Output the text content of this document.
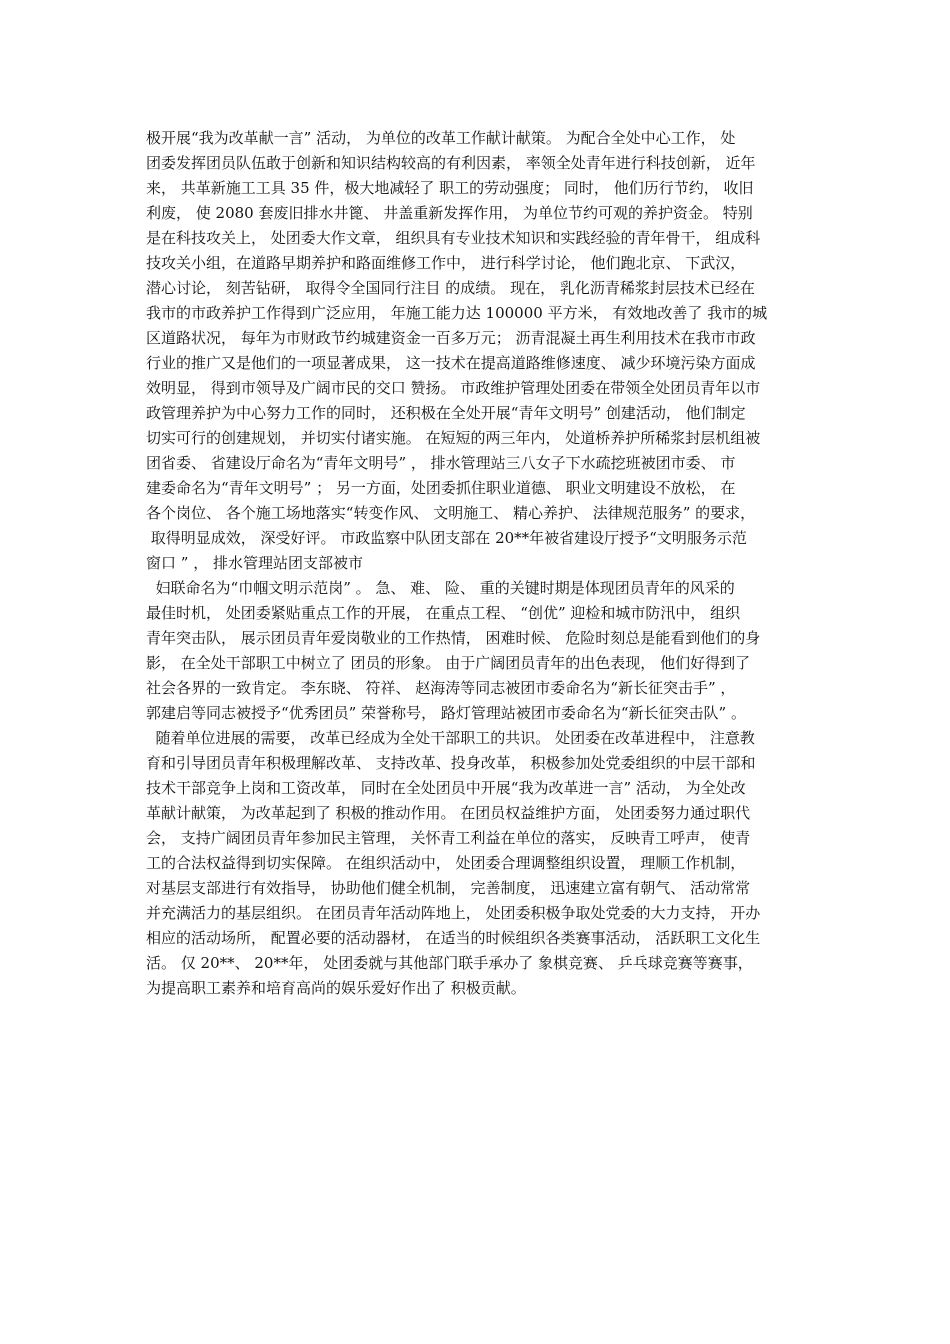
极开展“我为改革献一言” 活动， 为单位的改革工作献计献策。 为配合全处中心工作， 处
团委发挥团员队伍敢于创新和知识结构较高的有利因素， 率领全处青年进行科技创新， 近年
来， 共革新施工工具 35 件，极大地减轻了 职工的劳动强度； 同时， 他们历行节约， 收旧
利废， 使 2080 套废旧排水井篦、 井盖重新发挥作用， 为单位节约可观的养护资金。 特别
是在科技攻关上， 处团委大作文章， 组织具有专业技术知识和实践经验的青年骨干， 组成科
技攻关小组，在道路早期养护和路面维修工作中， 进行科学讨论， 他们跑北京、 下武汉，
潜心讨论， 刻苦钻研， 取得令全国同行注目 的成绩。 现在， 乳化沥青稀浆封层技术已经在
我市的市政养护工作得到广泛应用， 年施工能力达 100000 平方米， 有效地改善了 我市的城
区道路状况， 每年为市财政节约城建资金一百多万元； 沥青混凝土再生利用技术在我市市政
行业的推广又是他们的一项显著成果， 这一技术在提高道路维修速度、 减少环境污染方面成
效明显， 得到市领导及广阔市民的交口 赞扬。 市政维护管理处团委在带领全处团员青年以市
政管理养护为中心努力工作的同时， 还积极在全处开展“青年文明号” 创建活动， 他们制定
切实可行的创建规划， 并切实付诸实施。 在短短的两三年内， 处道桥养护所稀浆封层机组被
团省委、 省建设厅命名为“青年文明号” ， 排水管理站三八女子下水疏挖班被团市委、 市
建委命名为“青年文明号” ； 另一方面，处团委抓住职业道德、 职业文明建设不放松， 在
各个岗位、 各个施工场地落实“转变作风、 文明施工、 精心养护、 法律规范服务” 的要求，
取得明显成效， 深受好评。 市政监察中队团支部在 20**年被省建设厅授予“文明服务示范
窗口 ” ， 排水管理站团支部被市
妇联命名为“巾帼文明示范岗” 。 急、 难、 险、 重的关键时期是体现团员青年的风采的
最佳时机， 处团委紧贴重点工作的开展， 在重点工程、 “创优” 迎检和城市防汛中， 组织
青年突击队， 展示团员青年爱岗敬业的工作热情， 困难时候、 危险时刻总是能看到他们的身
影， 在全处干部职工中树立了 团员的形象。 由于广阔团员青年的出色表现， 他们好得到了
社会各界的一致肯定。 李东晓、 符祥、 赵海涛等同志被团市委命名为“新长征突击手” ，
郭建启等同志被授予“优秀团员” 荣誉称号， 路灯管理站被团市委命名为“新长征突击队” 。
随着单位进展的需要， 改革已经成为全处干部职工的共识。 处团委在改革进程中， 注意教
育和引导团员青年积极理解改革、 支持改革、投身改革， 积极参加处党委组织的中层干部和
技术干部竞争上岗和工资改革， 同时在全处团员中开展“我为改革进一言” 活动， 为全处改
革献计献策， 为改革起到了 积极的推动作用。 在团员权益维护方面， 处团委努力通过职代
会， 支持广阔团员青年参加民主管理， 关怀青工利益在单位的落实， 反映青工呼声， 使青
工的合法权益得到切实保障。 在组织活动中， 处团委合理调整组织设置， 理顺工作机制，
对基层支部进行有效指导， 协助他们健全机制， 完善制度， 迅速建立富有朝气、 活动常常
并充满活力的基层组织。 在团员青年活动阵地上， 处团委积极争取处党委的大力支持， 开办
相应的活动场所， 配置必要的活动器材， 在适当的时候组织各类赛事活动， 活跃职工文化生
活。 仅 20**、 20**年， 处团委就与其他部门联手承办了 象棋竞赛、 乒乓球竞赛等赛事，
为提高职工素养和培育高尚的娱乐爱好作出了 积极贡献。
